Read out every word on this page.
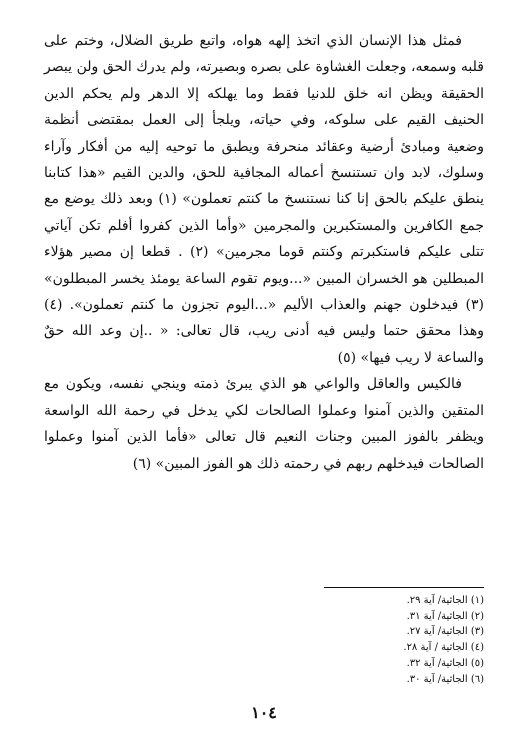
فمثل هذا الإنسان الذي اتخذ إلهه هواه، واتبع طريق الضلال، وختم على قلبه وسمعه، وجعلت الغشاوة على بصره وبصيرته، ولم يدرك الحق ولن يبصر الحقيقة ويظن انه خلق للدنيا فقط وما يهلكه إلا الدهر ولم يحكم الدين الحنيف القيم على سلوكه، وفي حياته، ويلجأ إلى العمل بمقتضى أنظمة وضعية ومبادئ أرضية وعقائد منحرفة ويطبق ما توحيه إليه من أفكار وآراء وسلوك، لابد وان تستنسخ أعماله المجافية للحق، والدين القيم «هذا كتابنا ينطق عليكم بالحق إنا كنا نستنسخ ما كنتم تعملون» (١) وبعد ذلك يوضع مع جمع الكافرين والمستكبرين والمجرمين «وأما الذين كفروا أفلم تكن آياتي تتلى عليكم فاستكبرتم وكنتم قوما مجرمين» (٢) . قطعا إن مصير هؤلاء المبطلين هو الخسران المبين «...ويوم تقوم الساعة يومئذ يخسر المبطلون» (٣) فيدخلون جهنم والعذاب الأليم «...اليوم تجزون ما كنتم تعملون». (٤) وهذا محقق حتما وليس فيه أدنى ريب، قال تعالى: « ..إن وعد الله حقٌ والساعة لا ريب فيها» (٥)

فالكيس والعاقل والواعي هو الذي يبرئ ذمته وينجي نفسه، ويكون مع المتقين والذين آمنوا وعملوا الصالحات لكي يدخل في رحمة الله الواسعة ويظفر بالفوز المبين وجنات النعيم قال تعالى «فأما الذين آمنوا وعملوا الصالحات فيدخلهم ربهم في رحمته ذلك هو الفوز المبين» (٦)

(١) الجاثية/ آية ٢٩.
(٢) الجاثية/ آية ٣١.
(٣) الجاثية/ آية ٢٧.
(٤) الجاثية / آية ٢٨.
(٥) الجاثية/ آية ٣٢.
(٦) الجاثية/ آية ٣٠.
١٠٤
